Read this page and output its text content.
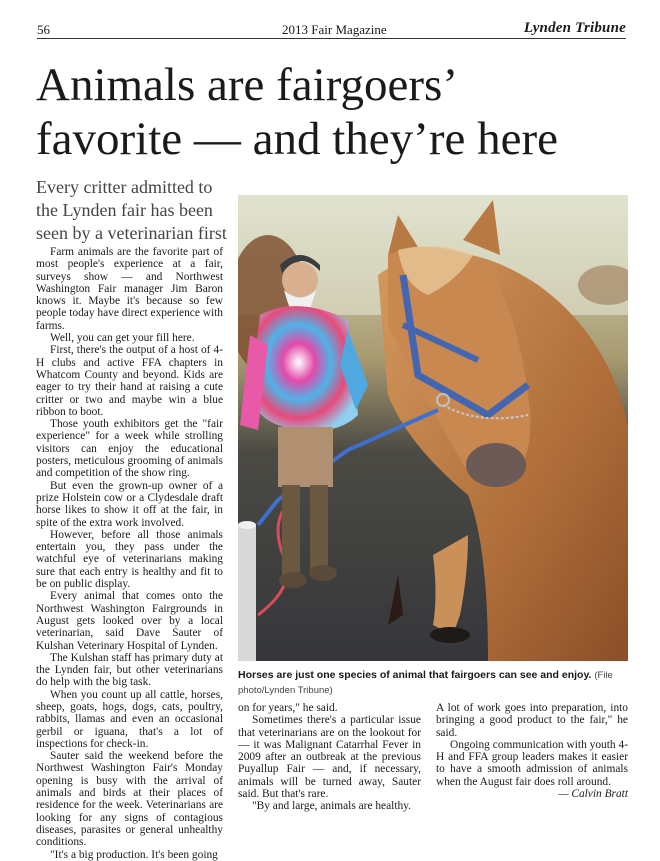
56	2013 Fair Magazine	Lynden Tribune
Animals are fairgoers’
favorite — and they’re here

Every critter admitted to the Lynden fair has been seen by a veterinarian first

Farm animals are the favorite part of most people's experience at a fair, surveys show — and Northwest Washington Fair manager Jim Baron knows it. Maybe it's because so few people today have direct experience with farms.

Well, you can get your fill here.

First, there's the output of a host of 4-H clubs and active FFA chapters in Whatcom County and beyond. Kids are eager to try their hand at raising a cute critter or two and maybe win a blue ribbon to boot.

Those youth exhibitors get the "fair experience" for a week while strolling visitors can enjoy the educational posters, meticulous grooming of animals and competition of the show ring.

But even the grown-up owner of a prize Holstein cow or a Clydesdale draft horse likes to show it off at the fair, in spite of the extra work involved.

However, before all those animals entertain you, they pass under the watchful eye of veterinarians making sure that each entry is healthy and fit to be on public display.

Every animal that comes onto the Northwest Washington Fairgrounds in August gets looked over by a local veterinarian, said Dave Sauter of Kulshan Veterinary Hospital of Lynden.

The Kulshan staff has primary duty at the Lynden fair, but other veterinarians do help with the big task.

When you count up all cattle, horses, sheep, goats, hogs, dogs, cats, poultry, rabbits, llamas and even an occasional gerbil or iguana, that's a lot of inspections for check-in.

Sauter said the weekend before the Northwest Washington Fair's Monday opening is busy with the arrival of animals and birds at their places of residence for the week. Veterinarians are looking for any signs of contagious diseases, parasites or general unhealthy conditions.

"It's a big production. It's been going

Horses are just one species of animal that fairgoers can see and enjoy. (File photo/Lynden Tribune)

on for years," he said.

Sometimes there's a particular issue that veterinarians are on the lookout for — it was Malignant Catarrhal Fever in 2009 after an outbreak at the previous Puyallup Fair — and, if necessary, animals will be turned away, Sauter said. But that's rare.

"By and large, animals are healthy.

A lot of work goes into preparation, into bringing a good product to the fair," he said.

Ongoing communication with youth 4-H and FFA group leaders makes it easier to have a smooth admission of animals when the August fair does roll around.

— Calvin Bratt
